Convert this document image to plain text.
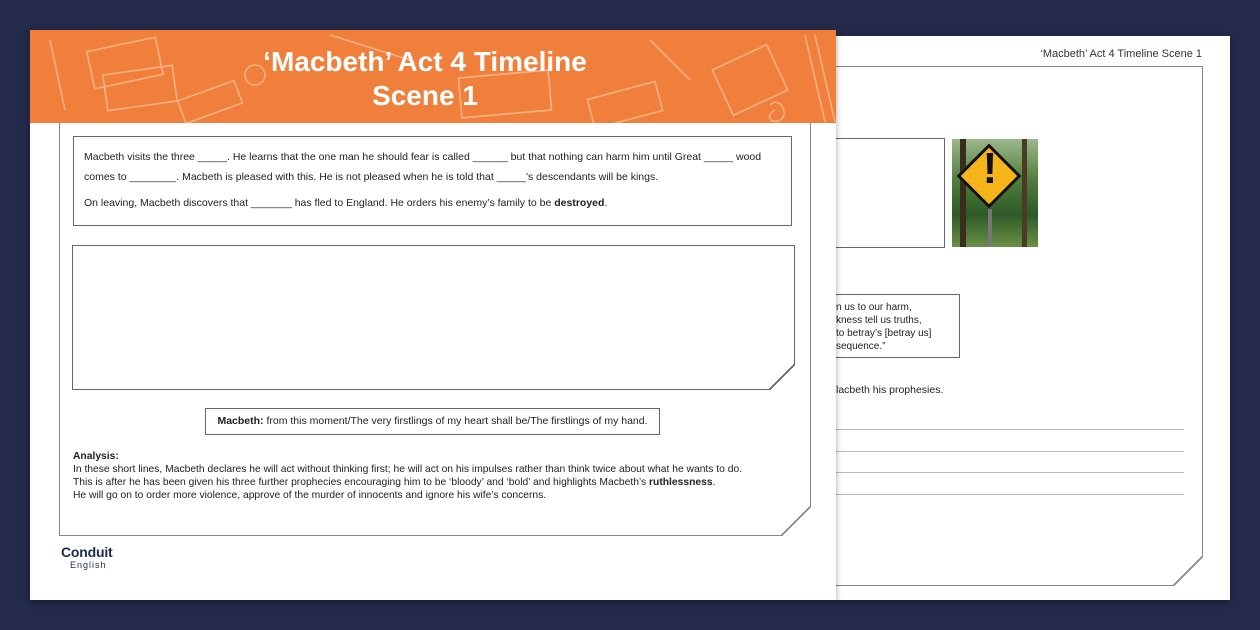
‘Macbeth’ Act 4 Timeline Scene 1
!
n us to our harm,
kness tell us truths,
to betray’s [betray us]
sequence.”
lacbeth his prophesies.
‘Macbeth’ Act 4 Timeline
Scene 1

Macbeth visits the three _____. He learns that the one man he should fear is called ______ but that nothing can harm him until Great _____ wood
comes to ________. Macbeth is pleased with this. He is not pleased when he is told that _____’s descendants will be kings.

On leaving, Macbeth discovers that _______ has fled to England. He orders his enemy’s family to be destroyed.

Macbeth: from this moment/The very firstlings of my heart shall be/The firstlings of my hand.
Analysis:
In these short lines, Macbeth declares he will act without thinking first; he will act on his impulses rather than think twice about what he wants to do.
This is after he has been given his three further prophecies encouraging him to be ‘bloody’ and ‘bold’ and highlights Macbeth’s ruthlessness.
He will go on to order more violence, approve of the murder of innocents and ignore his wife’s concerns.
Conduit
English
